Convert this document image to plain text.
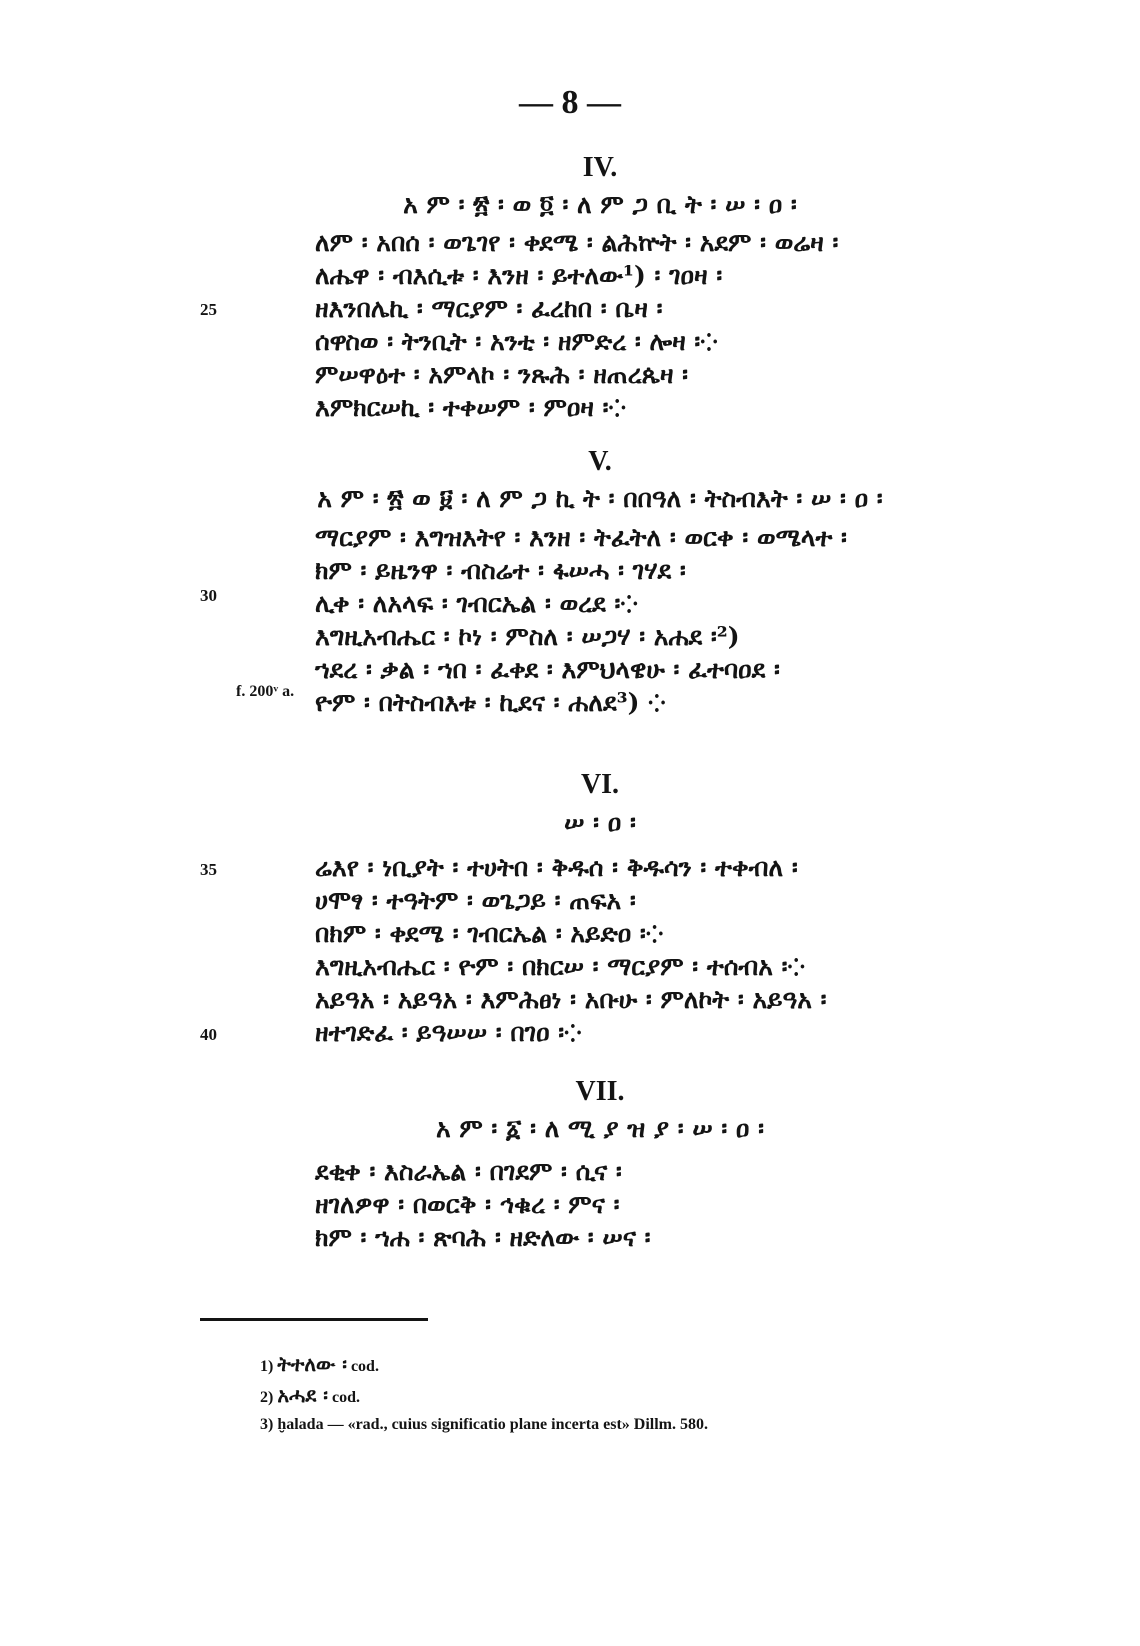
— 8 —
IV.
አ ም ፡ ፳ ፡ ወ ፬ ፡ ለ ም ጋ ቢ ት ፡ ሠ ፡ ዐ ፡
ለም ፡ አበሰ ፡ ወጌገየ ፡ ቀደሜ ፡ ልሕኵት ፡ አደም ፡ ወሬዛ ፡
ለሔዋ ፡ ብእሲቱ ፡ እንዘ ፡ ይተለው¹) ፡ ገዐዛ ፡
ዘእንበሌኪ ፡ ማርያም ፡ ፈረከበ ፡ ቤዛ ፡
ሰዋስወ ፡ ትንቢት ፡ አንቲ ፡ ዘምድረ ፡ ሎዛ ፡⁘
ምሠዋዕተ ፡ አምላኮ ፡ ንጹሕ ፡ ዘጠረጴዛ ፡
እምክርሠኪ ፡ ተቀሠም ፡ ምዐዛ ፡⁘
25
V.
አ ም ፡ ፳ ወ ፱ ፡ ለ ም ጋ ኪ ት ፡ በበዓለ ፡ ትስብእት ፡ ሠ ፡ ዐ ፡
ማርያም ፡ እግዝእትየ ፡ እንዘ ፡ ትፈትለ ፡ ወርቀ ፡ ወሜላተ ፡
ክም ፡ ይዜንዋ ፡ ብስሬተ ፡ ፋሠሓ ፡ ገሃደ ፡
ሊቀ ፡ ለአላፍ ፡ ገብርኤል ፡ ወረደ ፡⁘
እግዚአብሔር ፡ ኮነ ፡ ምስለ ፡ ሠጋሃ ፡ አሐደ ፡²)
ኀደረ ፡ ቃል ፡ ኀበ ፡ ፈቀደ ፡ እምህላዌሁ ፡ ፈተባዐደ ፡
ዮም ፡ በትስብእቱ ፡ ኪደና ፡ ሐለደ³) ⁘
30
f. 200ᵛ a.
VI.
ሠ ፡ ዐ ፡
ሬእየ ፡ ነቢያት ፡ ተሀትበ ፡ ቅዱሰ ፡ ቅዱሳን ፡ ተቀብለ ፡
ሀሞፃ ፡ ተዓትም ፡ ወጌጋይ ፡ ጠፍአ ፡
በክም ፡ ቀደሜ ፡ ገብርኤል ፡ አይድዐ ፡⁘
እግዚአብሔር ፡ ዮም ፡ በክርሠ ፡ ማርያም ፡ ተሰብአ ፡⁘
አይዓአ ፡ አይዓአ ፡ እምሕፀነ ፡ አቡሁ ፡ ምለኮት ፡ አይዓአ ፡
ዘተገድፈ ፡ ይዓሠሠ ፡ በገዐ ፡⁘
35
40
VII.
አ ም ፡ ፩ ፡ ለ ሚ ያ ዝ ያ ፡ ሠ ፡ ዐ ፡
ደቂቀ ፡ እስራኤል ፡ በገደም ፡ ሲና ፡
ዘገለዎዋ ፡ በወርቅ ፡ ኅቁረ ፡ ምና ፡
ክም ፡ ኀሐ ፡ ጽባሕ ፡ ዘድለው ፡ ሠና ፡
1) ትተለው ፡ cod.
2) አሓደ ፡ cod.
3) ḫalada — «rad., cuius significatio plane incerta est» Dillm. 580.
